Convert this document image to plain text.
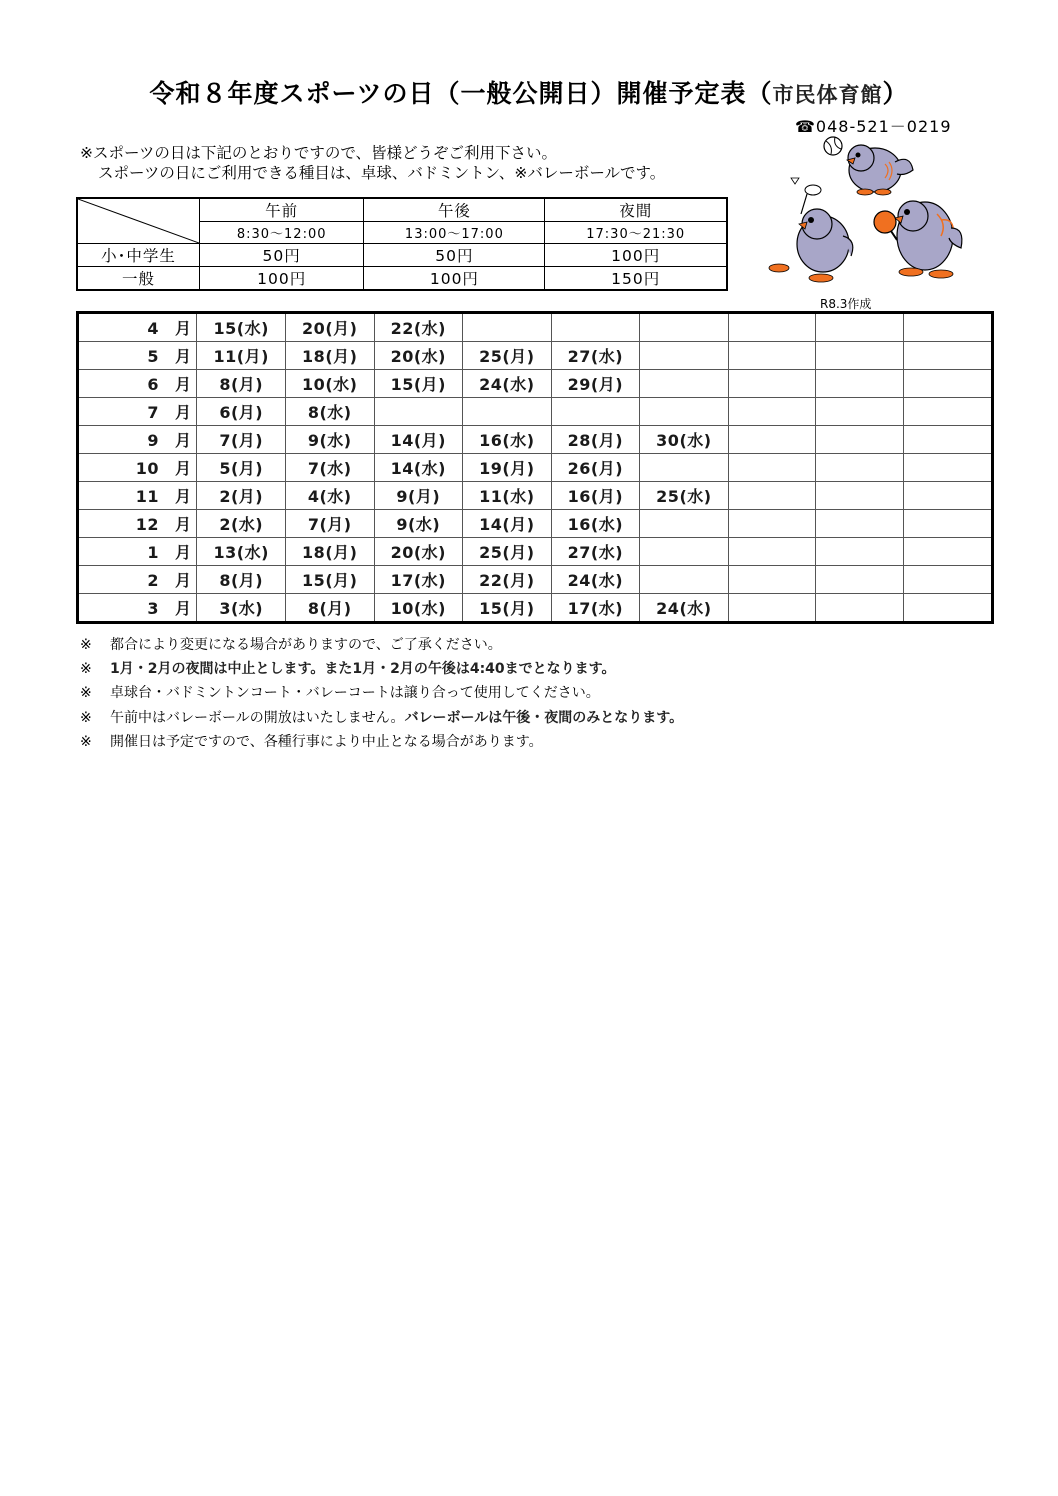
令和８年度スポーツの日（一般公開日）開催予定表（市民体育館）
☎048-521－0219
※スポーツの日は下記のとおりですので、皆様どうぞご利用下さい。
スポーツの日にご利用できる種目は、卓球、バドミントン、※バレーボールです。
	午前	午後	夜間
	8:30～12:00	13:00～17:00	17:30～21:30
小･中学生	50円	50円	100円
一般	100円	100円	150円
R8.3作成
4 月	15(水)	20(月)	22(水)						
5 月	11(月)	18(月)	20(水)	25(月)	27(水)				
6 月	8(月)	10(水)	15(月)	24(水)	29(月)				
7 月	6(月)	8(水)							
9 月	7(月)	9(水)	14(月)	16(水)	28(月)	30(水)			
10 月	5(月)	7(水)	14(水)	19(月)	26(月)				
11 月	2(月)	4(水)	9(月)	11(水)	16(月)	25(水)			
12 月	2(水)	7(月)	9(水)	14(月)	16(水)				
1 月	13(水)	18(月)	20(水)	25(月)	27(水)				
2 月	8(月)	15(月)	17(水)	22(月)	24(水)				
3 月	3(水)	8(月)	10(水)	15(月)	17(水)	24(水)			
※ 都合により変更になる場合がありますので、ご了承ください。
※ 1月・2月の夜間は中止とします。また1月・2月の午後は4:40までとなります。
※ 卓球台・バドミントンコート・バレーコートは譲り合って使用してください。
※ 午前中はバレーボールの開放はいたしません。バレーボールは午後・夜間のみとなります。
※ 開催日は予定ですので、各種行事により中止となる場合があります。
